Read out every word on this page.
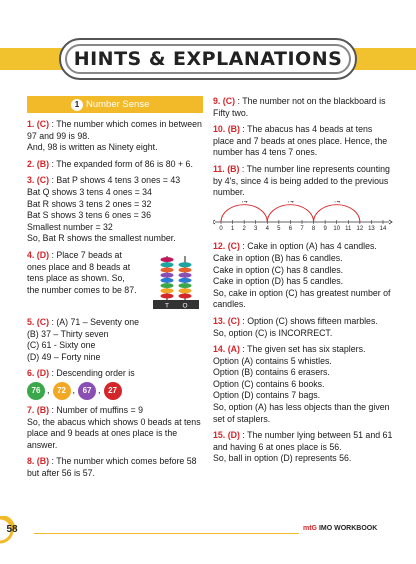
HINTS & EXPLANATIONS
1 Number Sense
1. (C) : The number which comes in between 97 and 99 is 98.
And, 98 is written as Ninety eight.
2. (B) : The expanded form of 86 is 80 + 6.
3. (C) : Bat P shows 4 tens 3 ones = 43
Bat Q shows 3 tens 4 ones = 34
Bat R shows 3 tens 2 ones = 32
Bat S shows 3 tens 6 ones = 36
Smallest number = 32
So, Bat R shows the smallest number.
4. (D) : Place 7 beads at ones place and 8 beads at tens place as shown. So, the number comes to be 87.
T O
5. (C) : (A) 71 – Seventy one
(B) 37 – Thirty seven
(C) 61 - Sixty one
(D) 49 – Forty nine
6. (D) : Descending order is
76 , 72 , 67 , 27
7. (B) : Number of muffins = 9
So, the abacus which shows 0 beads at tens place and 9 beads at ones place is the answer.
8. (B) : The number which comes before 58 but after 56 is 57.
9. (C) : The number not on the blackboard is Fifty two.
10. (B) : The abacus has 4 beads at tens place and 7 beads at ones place. Hence, the number has 4 tens 7 ones.
11. (B) : The number line represents counting by 4's, since 4 is being added to the previous number.
0 1 2 3 4 5 6 7 8 9 10 11 12 13 14
+4	+4	+4
12. (C) : Cake in option (A) has 4 candles.
Cake in option (B) has 6 candles.
Cake in option (C) has 8 candles.
Cake in option (D) has 5 candles.
So, cake in option (C) has greatest number of candles.
13. (C) : Option (C) shows fifteen marbles.
So, option (C) is INCORRECT.
14. (A) : The given set has six staplers.
Option (A) contains 5 whistles.
Option (B) contains 6 erasers.
Option (C) contains 6 books.
Option (D) contains 7 bags.
So, option (A) has less objects than the given set of staplers.
15. (D) : The number lying between 51 and 61 and having 6 at ones place is 56.
So, ball in option (D) represents 56.
58	mtG IMO WORKBOOK
